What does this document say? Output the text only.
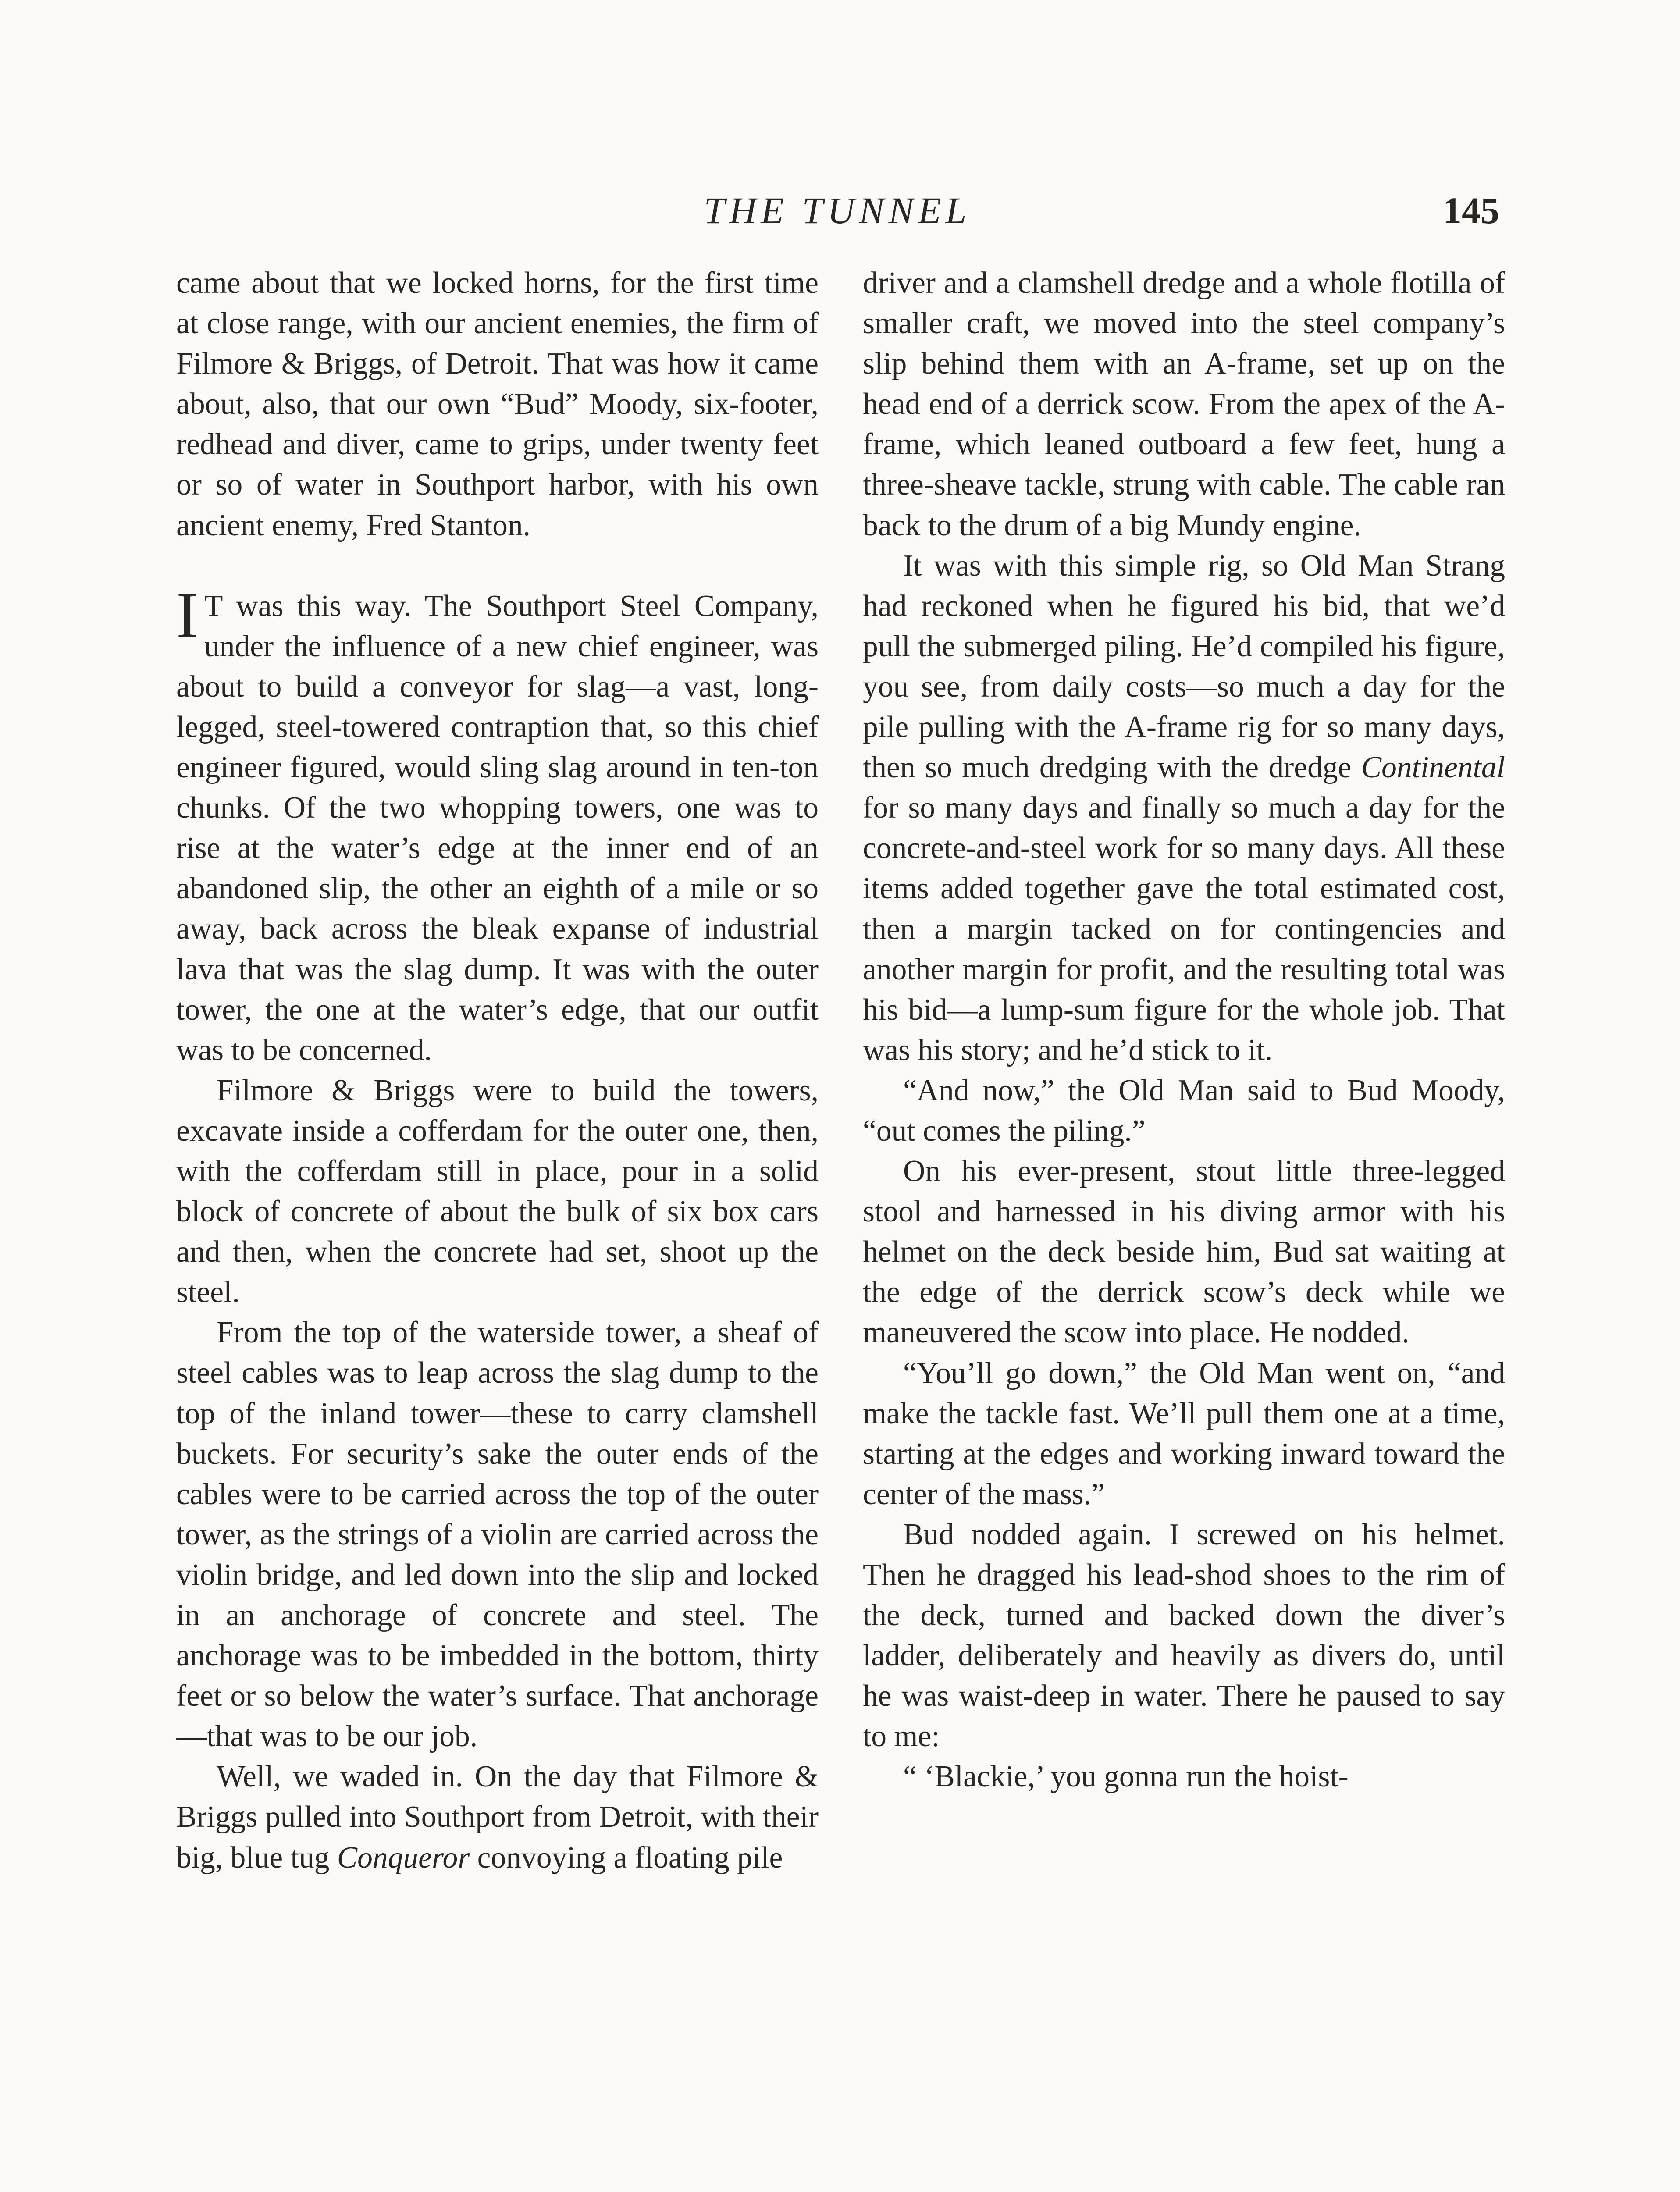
THE TUNNEL	145

came about that we locked horns, for the first time at close range, with our ancient enemies, the firm of Filmore & Briggs, of Detroit. That was how it came about, also, that our own “Bud” Moody, six-footer, redhead and diver, came to grips, under twenty feet or so of water in Southport harbor, with his own ancient enemy, Fred Stanton.

I T was this way. The Southport Steel Company, under the influence of a new chief engineer, was about to build a conveyor for slag—a vast, long-legged, steel-towered contraption that, so this chief engineer figured, would sling slag around in ten-ton chunks. Of the two whopping towers, one was to rise at the water’s edge at the inner end of an abandoned slip, the other an eighth of a mile or so away, back across the bleak expanse of industrial lava that was the slag dump. It was with the outer tower, the one at the water’s edge, that our outfit was to be concerned.

Filmore & Briggs were to build the towers, excavate inside a cofferdam for the outer one, then, with the cofferdam still in place, pour in a solid block of concrete of about the bulk of six box cars and then, when the concrete had set, shoot up the steel.

From the top of the waterside tower, a sheaf of steel cables was to leap across the slag dump to the top of the inland tower—these to carry clamshell buckets. For security’s sake the outer ends of the cables were to be carried across the top of the outer tower, as the strings of a violin are carried across the violin bridge, and led down into the slip and locked in an anchorage of concrete and steel. The anchorage was to be imbedded in the bottom, thirty feet or so below the water’s surface. That anchorage—that was to be our job.

Well, we waded in. On the day that Filmore & Briggs pulled into Southport from Detroit, with their big, blue tug Conqueror convoying a floating pile

driver and a clamshell dredge and a whole flotilla of smaller craft, we moved into the steel company’s slip behind them with an A-frame, set up on the head end of a derrick scow. From the apex of the A-frame, which leaned outboard a few feet, hung a three-sheave tackle, strung with cable. The cable ran back to the drum of a big Mundy engine.

It was with this simple rig, so Old Man Strang had reckoned when he figured his bid, that we’d pull the submerged piling. He’d compiled his figure, you see, from daily costs—so much a day for the pile pulling with the A-frame rig for so many days, then so much dredging with the dredge Continental for so many days and finally so much a day for the concrete-and-steel work for so many days. All these items added together gave the total estimated cost, then a margin tacked on for contingencies and another margin for profit, and the resulting total was his bid—a lump-sum figure for the whole job. That was his story; and he’d stick to it.

“And now,” the Old Man said to Bud Moody, “out comes the piling.”

On his ever-present, stout little three-legged stool and harnessed in his diving armor with his helmet on the deck beside him, Bud sat waiting at the edge of the derrick scow’s deck while we maneuvered the scow into place. He nodded.

“You’ll go down,” the Old Man went on, “and make the tackle fast. We’ll pull them one at a time, starting at the edges and working inward toward the center of the mass.”

Bud nodded again. I screwed on his helmet. Then he dragged his lead-shod shoes to the rim of the deck, turned and backed down the diver’s ladder, deliberately and heavily as divers do, until he was waist-deep in water. There he paused to say to me:

“ ‘Blackie,’ you gonna run the hoist-
